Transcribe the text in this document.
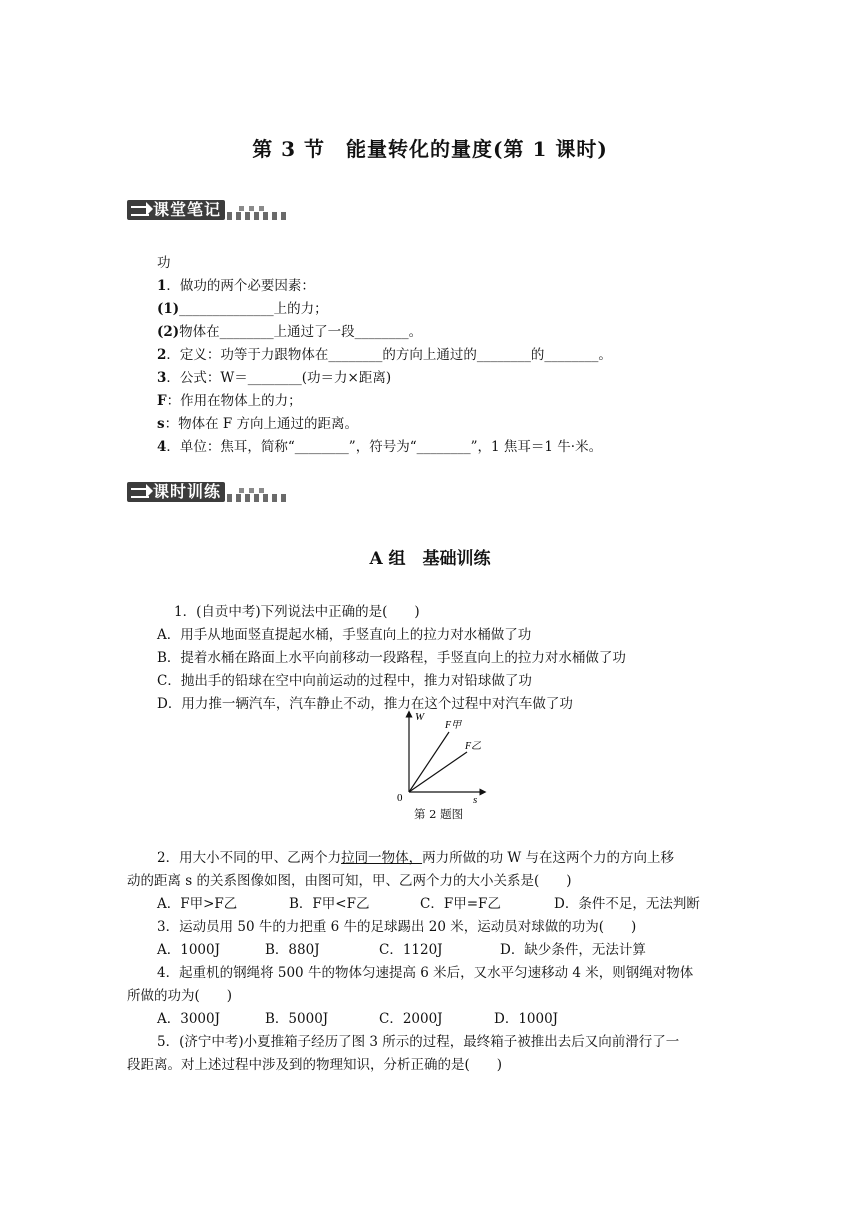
第 3 节　能量转化的量度(第 1 课时)
课堂笔记
功
1．做功的两个必要因素：
(1)______________上的力；
(2)物体在________上通过了一段________。
2．定义：功等于力跟物体在________的方向上通过的________的________。
3．公式：W＝________(功＝力×距离)
F：作用在物体上的力；
s：物体在 F 方向上通过的距离。
4．单位：焦耳，简称“________”，符号为“________”，1 焦耳＝1 牛·米。
课时训练
A 组　基础训练
1．(自贡中考)下列说法中正确的是(　　)
A．用手从地面竖直提起水桶，手竖直向上的拉力对水桶做了功
B．提着水桶在路面上水平向前移动一段路程，手竖直向上的拉力对水桶做了功
C．抛出手的铅球在空中向前运动的过程中，推力对铅球做了功
D．用力推一辆汽车，汽车静止不动，推力在这个过程中对汽车做了功
W
s
0
F甲
F乙
第 2 题图
2．用大小不同的甲、乙两个力拉同一物体，两力所做的功 W 与在这两个力的方向上移
动的距离 s 的关系图像如图，由图可知，甲、乙两个力的大小关系是(　　)
A．F甲>F乙	B．F甲<F乙	C．F甲=F乙	D．条件不足，无法判断
3．运动员用 50 牛的力把重 6 牛的足球踢出 20 米，运动员对球做的功为(　　)
A．1000J	B．880J	C．1120J	D．缺少条件，无法计算
4．起重机的钢绳将 500 牛的物体匀速提高 6 米后，又水平匀速移动 4 米，则钢绳对物体
所做的功为(　　)
A．3000J	B．5000J	C．2000J	D．1000J
5．(济宁中考)小夏推箱子经历了图 3 所示的过程，最终箱子被推出去后又向前滑行了一
段距离。对上述过程中涉及到的物理知识，分析正确的是(　　)
